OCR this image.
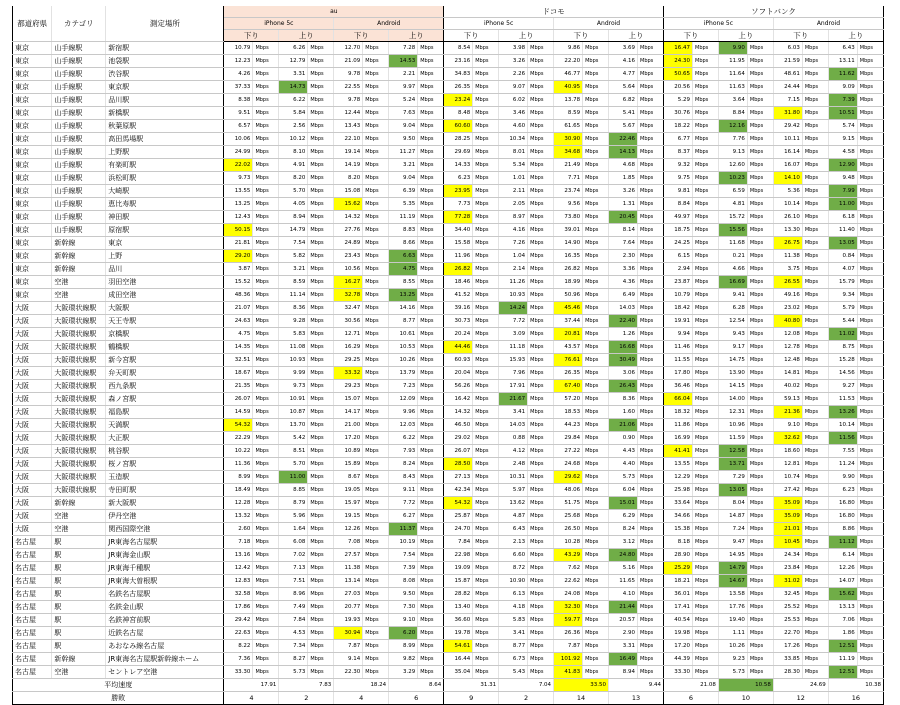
都道府県	カテゴリ	測定場所	au								ドコモ								ソフトバンク							
			iPhone 5c				Android				iPhone 5c				Android				iPhone 5c				Android			
			下り		上り		下り		上り		下り		上り		下り		上り		下り		上り		下り		上り	
東京	山手線駅	新宿駅	10.79	Mbps	6.26	Mbps	12.70	Mbps	7.28	Mbps	8.54	Mbps	3.98	Mbps	9.86	Mbps	3.69	Mbps	16.47	Mbps	9.90	Mbps	6.03	Mbps	6.43	Mbps
東京	山手線駅	池袋駅	12.23	Mbps	12.79	Mbps	21.09	Mbps	14.53	Mbps	23.16	Mbps	3.26	Mbps	22.20	Mbps	4.16	Mbps	24.30	Mbps	11.95	Mbps	21.59	Mbps	13.11	Mbps
東京	山手線駅	渋谷駅	4.26	Mbps	3.31	Mbps	9.78	Mbps	2.21	Mbps	34.83	Mbps	2.26	Mbps	46.77	Mbps	4.77	Mbps	50.65	Mbps	11.64	Mbps	48.61	Mbps	11.62	Mbps
東京	山手線駅	東京駅	37.33	Mbps	14.73	Mbps	22.55	Mbps	9.97	Mbps	26.35	Mbps	9.07	Mbps	40.95	Mbps	5.64	Mbps	20.56	Mbps	11.63	Mbps	24.44	Mbps	9.09	Mbps
東京	山手線駅	品川駅	8.38	Mbps	6.22	Mbps	9.78	Mbps	5.24	Mbps	23.24	Mbps	6.02	Mbps	13.78	Mbps	6.82	Mbps	5.29	Mbps	3.64	Mbps	7.15	Mbps	7.39	Mbps
東京	山手線駅	新橋駅	9.51	Mbps	5.84	Mbps	12.44	Mbps	7.63	Mbps	8.48	Mbps	3.46	Mbps	8.59	Mbps	5.41	Mbps	30.76	Mbps	8.84	Mbps	31.80	Mbps	10.51	Mbps
東京	山手線駅	秋葉原駅	6.57	Mbps	2.56	Mbps	13.43	Mbps	9.04	Mbps	60.60	Mbps	4.60	Mbps	61.65	Mbps	5.67	Mbps	18.22	Mbps	12.16	Mbps	29.42	Mbps	5.74	Mbps
東京	山手線駅	高田馬場駅	10.06	Mbps	10.12	Mbps	22.10	Mbps	9.50	Mbps	28.25	Mbps	10.34	Mbps	30.90	Mbps	22.46	Mbps	6.77	Mbps	7.76	Mbps	10.11	Mbps	9.15	Mbps
東京	山手線駅	上野駅	24.99	Mbps	8.10	Mbps	19.14	Mbps	11.27	Mbps	29.69	Mbps	8.01	Mbps	34.68	Mbps	14.13	Mbps	8.37	Mbps	9.13	Mbps	16.14	Mbps	4.58	Mbps
東京	山手線駅	有楽町駅	22.02	Mbps	4.91	Mbps	14.19	Mbps	3.21	Mbps	14.33	Mbps	5.34	Mbps	21.49	Mbps	4.68	Mbps	9.32	Mbps	12.60	Mbps	16.07	Mbps	12.90	Mbps
東京	山手線駅	浜松町駅	9.73	Mbps	8.20	Mbps	8.20	Mbps	9.04	Mbps	6.23	Mbps	1.01	Mbps	7.71	Mbps	1.85	Mbps	9.75	Mbps	10.23	Mbps	14.10	Mbps	9.48	Mbps
東京	山手線駅	大崎駅	13.55	Mbps	5.70	Mbps	15.08	Mbps	6.39	Mbps	23.95	Mbps	2.11	Mbps	23.74	Mbps	3.26	Mbps	9.81	Mbps	6.59	Mbps	5.36	Mbps	7.99	Mbps
東京	山手線駅	恵比寿駅	13.25	Mbps	4.05	Mbps	15.62	Mbps	5.35	Mbps	7.73	Mbps	2.05	Mbps	9.56	Mbps	1.31	Mbps	8.84	Mbps	4.81	Mbps	10.14	Mbps	11.00	Mbps
東京	山手線駅	神田駅	12.43	Mbps	8.94	Mbps	14.32	Mbps	11.19	Mbps	77.28	Mbps	8.97	Mbps	73.80	Mbps	20.45	Mbps	49.97	Mbps	15.72	Mbps	26.10	Mbps	6.18	Mbps
東京	山手線駅	原宿駅	50.15	Mbps	14.79	Mbps	27.76	Mbps	8.83	Mbps	34.40	Mbps	4.16	Mbps	39.01	Mbps	8.14	Mbps	18.75	Mbps	15.56	Mbps	13.30	Mbps	11.40	Mbps
東京	新幹線	東京	21.81	Mbps	7.54	Mbps	24.89	Mbps	8.66	Mbps	15.58	Mbps	7.26	Mbps	14.90	Mbps	7.64	Mbps	24.25	Mbps	11.68	Mbps	26.75	Mbps	13.05	Mbps
東京	新幹線	上野	29.20	Mbps	5.82	Mbps	23.43	Mbps	6.63	Mbps	11.96	Mbps	1.04	Mbps	16.35	Mbps	2.30	Mbps	6.15	Mbps	0.21	Mbps	11.38	Mbps	0.84	Mbps
東京	新幹線	品川	3.87	Mbps	3.21	Mbps	10.56	Mbps	4.75	Mbps	26.82	Mbps	2.14	Mbps	26.82	Mbps	3.36	Mbps	2.94	Mbps	4.66	Mbps	3.75	Mbps	4.07	Mbps
東京	空港	羽田空港	15.52	Mbps	8.59	Mbps	16.27	Mbps	8.55	Mbps	18.46	Mbps	11.26	Mbps	18.99	Mbps	4.36	Mbps	23.87	Mbps	16.69	Mbps	26.55	Mbps	15.79	Mbps
東京	空港	成田空港	48.36	Mbps	11.14	Mbps	32.78	Mbps	13.25	Mbps	41.52	Mbps	10.93	Mbps	50.96	Mbps	6.49	Mbps	10.79	Mbps	9.41	Mbps	49.16	Mbps	9.34	Mbps
大阪	大阪環状線駅	大阪駅	21.07	Mbps	8.36	Mbps	32.47	Mbps	14.16	Mbps	39.16	Mbps	14.24	Mbps	45.46	Mbps	14.03	Mbps	18.42	Mbps	6.28	Mbps	23.02	Mbps	5.79	Mbps
大阪	大阪環状線駅	天王寺駅	24.63	Mbps	9.28	Mbps	30.56	Mbps	8.77	Mbps	30.73	Mbps	7.72	Mbps	37.44	Mbps	22.40	Mbps	19.91	Mbps	12.54	Mbps	40.80	Mbps	5.44	Mbps
大阪	大阪環状線駅	京橋駅	4.75	Mbps	5.83	Mbps	12.71	Mbps	10.61	Mbps	20.24	Mbps	3.09	Mbps	20.81	Mbps	1.26	Mbps	9.94	Mbps	9.43	Mbps	12.08	Mbps	11.02	Mbps
大阪	大阪環状線駅	鶴橋駅	14.35	Mbps	11.08	Mbps	16.29	Mbps	10.53	Mbps	44.46	Mbps	11.18	Mbps	43.57	Mbps	16.68	Mbps	11.46	Mbps	9.17	Mbps	12.78	Mbps	8.75	Mbps
大阪	大阪環状線駅	新今宮駅	32.51	Mbps	10.93	Mbps	29.25	Mbps	10.26	Mbps	60.93	Mbps	15.93	Mbps	76.61	Mbps	30.49	Mbps	11.55	Mbps	14.75	Mbps	12.48	Mbps	15.28	Mbps
大阪	大阪環状線駅	弁天町駅	18.67	Mbps	9.99	Mbps	33.32	Mbps	13.79	Mbps	20.04	Mbps	7.96	Mbps	26.35	Mbps	3.06	Mbps	17.80	Mbps	13.90	Mbps	14.81	Mbps	14.56	Mbps
大阪	大阪環状線駅	西九条駅	21.35	Mbps	9.73	Mbps	29.23	Mbps	7.23	Mbps	56.26	Mbps	17.91	Mbps	67.40	Mbps	26.43	Mbps	36.46	Mbps	14.15	Mbps	40.02	Mbps	9.27	Mbps
大阪	大阪環状線駅	森ノ宮駅	26.07	Mbps	10.91	Mbps	15.07	Mbps	12.09	Mbps	16.42	Mbps	21.67	Mbps	57.20	Mbps	8.36	Mbps	66.04	Mbps	14.00	Mbps	59.13	Mbps	11.53	Mbps
大阪	大阪環状線駅	福島駅	14.59	Mbps	10.87	Mbps	14.17	Mbps	9.96	Mbps	14.32	Mbps	3.41	Mbps	18.53	Mbps	1.60	Mbps	18.32	Mbps	12.31	Mbps	21.36	Mbps	13.26	Mbps
大阪	大阪環状線駅	天満駅	54.32	Mbps	13.70	Mbps	21.00	Mbps	12.03	Mbps	46.50	Mbps	14.03	Mbps	44.23	Mbps	21.06	Mbps	11.86	Mbps	10.96	Mbps	9.10	Mbps	10.14	Mbps
大阪	大阪環状線駅	大正駅	22.29	Mbps	5.42	Mbps	17.20	Mbps	6.22	Mbps	29.02	Mbps	0.88	Mbps	29.84	Mbps	0.90	Mbps	16.99	Mbps	11.59	Mbps	32.62	Mbps	11.56	Mbps
大阪	大阪環状線駅	桃谷駅	10.22	Mbps	8.51	Mbps	10.89	Mbps	7.93	Mbps	26.07	Mbps	4.12	Mbps	27.22	Mbps	4.43	Mbps	41.41	Mbps	12.58	Mbps	18.60	Mbps	7.55	Mbps
大阪	大阪環状線駅	桜ノ宮駅	11.36	Mbps	5.70	Mbps	15.89	Mbps	8.24	Mbps	28.50	Mbps	2.48	Mbps	24.68	Mbps	4.40	Mbps	13.55	Mbps	13.71	Mbps	12.81	Mbps	11.24	Mbps
大阪	大阪環状線駅	玉造駅	8.99	Mbps	11.00	Mbps	8.67	Mbps	8.43	Mbps	27.13	Mbps	10.31	Mbps	29.62	Mbps	5.73	Mbps	12.29	Mbps	7.29	Mbps	10.74	Mbps	9.90	Mbps
大阪	大阪環状線駅	寺田町駅	18.49	Mbps	8.85	Mbps	19.05	Mbps	9.11	Mbps	42.34	Mbps	5.97	Mbps	48.06	Mbps	6.04	Mbps	25.98	Mbps	13.05	Mbps	27.42	Mbps	6.23	Mbps
大阪	新幹線	新大阪駅	12.28	Mbps	8.79	Mbps	15.97	Mbps	7.72	Mbps	54.32	Mbps	13.62	Mbps	51.75	Mbps	15.01	Mbps	33.64	Mbps	8.04	Mbps	35.09	Mbps	16.80	Mbps
大阪	空港	伊丹空港	13.32	Mbps	5.96	Mbps	19.15	Mbps	6.27	Mbps	25.87	Mbps	4.87	Mbps	25.68	Mbps	6.29	Mbps	34.66	Mbps	14.87	Mbps	35.09	Mbps	16.80	Mbps
大阪	空港	関西国際空港	2.60	Mbps	1.64	Mbps	12.26	Mbps	11.37	Mbps	24.70	Mbps	6.43	Mbps	26.50	Mbps	8.24	Mbps	15.38	Mbps	7.24	Mbps	21.01	Mbps	8.86	Mbps
名古屋	駅	JR東海名古屋駅	7.18	Mbps	6.08	Mbps	7.08	Mbps	10.19	Mbps	7.84	Mbps	2.13	Mbps	10.28	Mbps	3.12	Mbps	8.18	Mbps	9.47	Mbps	10.45	Mbps	11.12	Mbps
名古屋	駅	JR東海金山駅	13.16	Mbps	7.02	Mbps	27.57	Mbps	7.54	Mbps	22.98	Mbps	6.60	Mbps	43.29	Mbps	24.80	Mbps	28.90	Mbps	14.95	Mbps	24.34	Mbps	6.14	Mbps
名古屋	駅	JR東海千種駅	12.42	Mbps	7.13	Mbps	11.38	Mbps	7.39	Mbps	19.09	Mbps	8.72	Mbps	7.62	Mbps	5.16	Mbps	25.29	Mbps	14.79	Mbps	23.84	Mbps	12.26	Mbps
名古屋	駅	JR東海大曽根駅	12.83	Mbps	7.51	Mbps	13.14	Mbps	8.08	Mbps	15.87	Mbps	10.90	Mbps	22.62	Mbps	11.65	Mbps	18.21	Mbps	14.67	Mbps	31.02	Mbps	14.07	Mbps
名古屋	駅	名鉄名古屋駅	32.58	Mbps	8.96	Mbps	27.03	Mbps	9.50	Mbps	28.82	Mbps	6.13	Mbps	24.08	Mbps	4.10	Mbps	36.01	Mbps	13.58	Mbps	32.45	Mbps	15.62	Mbps
名古屋	駅	名鉄金山駅	17.86	Mbps	7.49	Mbps	20.77	Mbps	7.30	Mbps	13.40	Mbps	4.18	Mbps	32.30	Mbps	21.44	Mbps	17.41	Mbps	17.76	Mbps	25.52	Mbps	13.13	Mbps
名古屋	駅	名鉄神宮前駅	29.42	Mbps	7.84	Mbps	19.93	Mbps	9.10	Mbps	36.60	Mbps	5.83	Mbps	59.77	Mbps	20.57	Mbps	40.54	Mbps	19.40	Mbps	25.53	Mbps	7.06	Mbps
名古屋	駅	近鉄名古屋	22.63	Mbps	4.53	Mbps	30.94	Mbps	6.20	Mbps	19.78	Mbps	3.41	Mbps	26.36	Mbps	2.90	Mbps	19.98	Mbps	1.11	Mbps	22.70	Mbps	1.86	Mbps
名古屋	駅	あおなみ線名古屋	8.22	Mbps	7.34	Mbps	7.87	Mbps	8.99	Mbps	54.61	Mbps	8.77	Mbps	7.87	Mbps	3.31	Mbps	17.20	Mbps	10.26	Mbps	17.26	Mbps	12.51	Mbps
名古屋	新幹線	JR東海名古屋駅新幹線ホーム	7.36	Mbps	8.27	Mbps	9.14	Mbps	9.82	Mbps	16.44	Mbps	6.73	Mbps	101.92	Mbps	16.49	Mbps	44.39	Mbps	9.23	Mbps	33.85	Mbps	11.19	Mbps
名古屋	空港	セントレア空港	33.30	Mbps	5.73	Mbps	22.30	Mbps	3.29	Mbps	35.04	Mbps	5.43	Mbps	41.83	Mbps	8.94	Mbps	33.30	Mbps	5.73	Mbps	28.30	Mbps	12.51	Mbps
平均速度			17.91		7.83		18.24		8.64		31.31		7.04		33.50		9.44		21.08		10.58		24.69		10.38	
勝敗			4		2		4		6		9		2		14		13		6		10		12		16	
